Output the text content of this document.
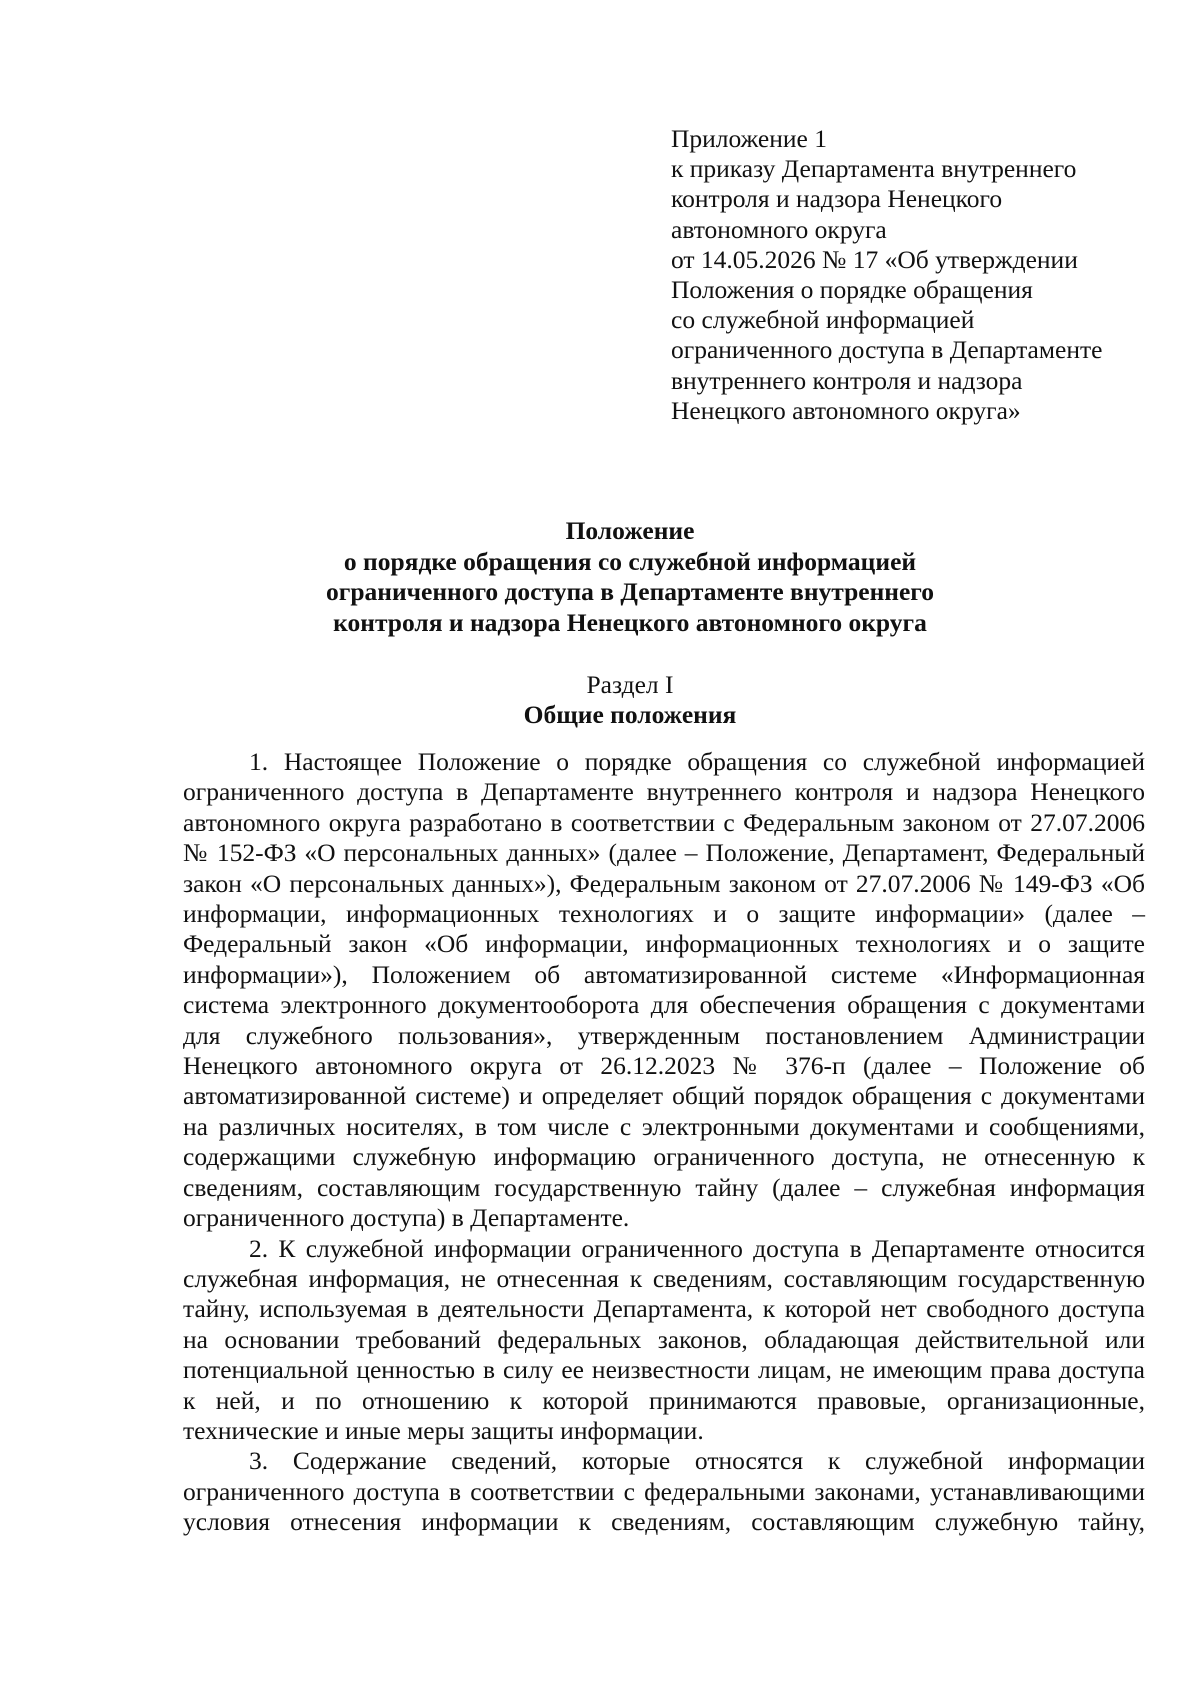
Приложение 1
к приказу Департамента внутреннего
контроля и надзора Ненецкого
автономного округа
от 14.05.2026 № 17 «Об утверждении
Положения о порядке обращения
со служебной информацией
ограниченного доступа в Департаменте
внутреннего контроля и надзора
Ненецкого автономного округа»
Положение
о порядке обращения со служебной информацией
ограниченного доступа в Департаменте внутреннего
контроля и надзора Ненецкого автономного округа
Раздел I
Общие положения

1. Настоящее Положение о порядке обращения со служебной информацией ограниченного доступа в Департаменте внутреннего контроля и надзора Ненецкого автономного округа разработано в соответствии с Федеральным законом от 27.07.2006 № 152-ФЗ «О персональных данных» (далее – Положение, Департамент, Федеральный закон «О персональных данных»), Федеральным законом от 27.07.2006 № 149-ФЗ «Об информации, информационных технологиях и о защите информации» (далее – Федеральный закон «Об информации, информационных технологиях и о защите информации»), Положением об автоматизированной системе «Информационная система электронного документооборота для обеспечения обращения с документами для служебного пользования», утвержденным постановлением Администрации Ненецкого автономного округа от 26.12.2023 № 376-п (далее – Положение об автоматизированной системе) и определяет общий порядок обращения с документами на различных носителях, в том числе с электронными документами и сообщениями, содержащими служебную информацию ограниченного доступа, не отнесенную к сведениям, составляющим государственную тайну (далее – служебная информация ограниченного доступа) в Департаменте.

2. К служебной информации ограниченного доступа в Департаменте относится служебная информация, не отнесенная к сведениям, составляющим государственную тайну, используемая в деятельности Департамента, к которой нет свободного доступа на основании требований федеральных законов, обладающая действительной или потенциальной ценностью в силу ее неизвестности лицам, не имеющим права доступа к ней, и по отношению к которой принимаются правовые, организационные, технические и иные меры защиты информации.

3. Содержание сведений, которые относятся к служебной информации ограниченного доступа в соответствии с федеральными законами, устанавливающими условия отнесения информации к сведениям, составляющим служебную тайну,
